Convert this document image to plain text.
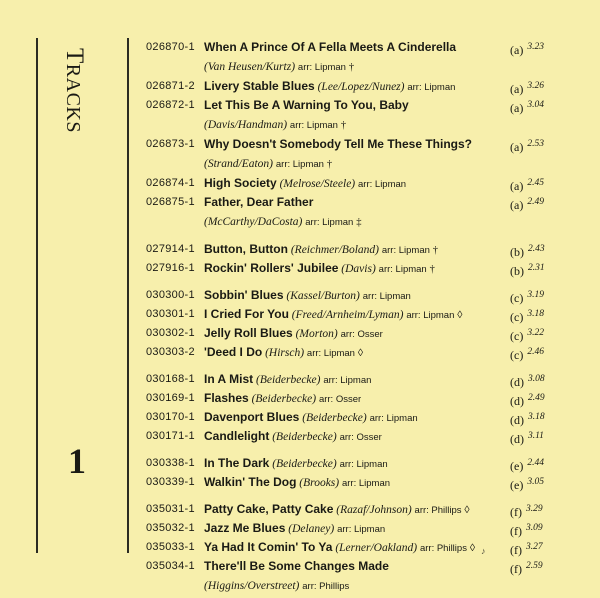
TRACKS
1
026870-1 When A Prince Of A Fella Meets A Cinderella	(a) $^{3.23}$
(Van Heusen/Kurtz) arr: Lipman †
026871-2 Livery Stable Blues (Lee/Lopez/Nunez) arr: Lipman	(a) $^{3.26}$
026872-1 Let This Be A Warning To You, Baby	(a) $^{3.04}$
(Davis/Handman) arr: Lipman †
026873-1 Why Doesn't Somebody Tell Me These Things?	(a) $^{2.53}$
(Strand/Eaton) arr: Lipman †
026874-1 High Society (Melrose/Steele) arr: Lipman	(a) $^{2.45}$
026875-1 Father, Dear Father	(a) $^{2.49}$
(McCarthy/DaCosta) arr: Lipman ‡
027914-1 Button, Button (Reichmer/Boland) arr: Lipman †	(b) $^{2.43}$
027916-1 Rockin' Rollers' Jubilee (Davis) arr: Lipman †	(b) $^{2.31}$
030300-1 Sobbin' Blues (Kassel/Burton) arr: Lipman	(c) $^{3.19}$
030301-1 I Cried For You (Freed/Arnheim/Lyman) arr: Lipman ◊	(c) $^{3.18}$
030302-1 Jelly Roll Blues (Morton) arr: Osser	(c) $^{3.22}$
030303-2 'Deed I Do (Hirsch) arr: Lipman ◊	(c) $^{2.46}$
030168-1 In A Mist (Beiderbecke) arr: Lipman	(d) $^{3.08}$
030169-1 Flashes (Beiderbecke) arr: Osser	(d) $^{2.49}$
030170-1 Davenport Blues (Beiderbecke) arr: Lipman	(d) $^{3.18}$
030171-1 Candlelight (Beiderbecke) arr: Osser	(d) $^{3.11}$
030338-1 In The Dark (Beiderbecke) arr: Lipman	(e) $^{2.44}$
030339-1 Walkin' The Dog (Brooks) arr: Lipman	(e) $^{3.05}$
035031-1 Patty Cake, Patty Cake (Razaf/Johnson) arr: Phillips ◊	(f) $^{3.29}$
035032-1 Jazz Me Blues (Delaney) arr: Lipman	(f) $^{3.09}$
035033-1 Ya Had It Comin' To Ya (Lerner/Oakland) arr: Phillips ◊	(f) $^{3.27}$
035034-1 There'll Be Some Changes Made	(f) $^{2.59}$
(Higgins/Overstreet) arr: Phillips
♪
